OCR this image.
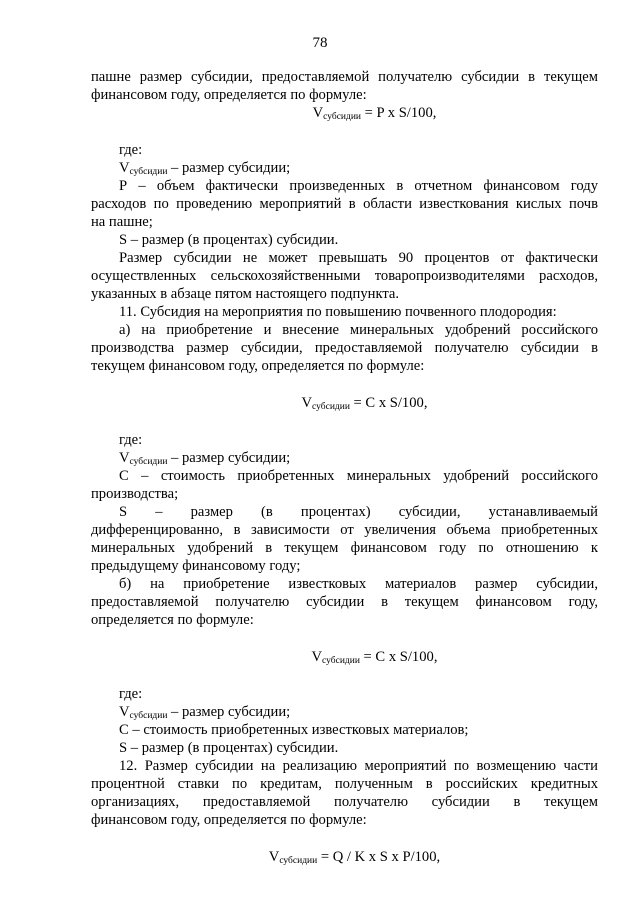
78
пашне размер субсидии, предоставляемой получателю субсидии в текущем
финансовом году, определяется по формуле:
$V_{субсидии} = P$ x S/100,
где:
$V_{субсидии}$ – размер субсидии;
Р – объем фактически произведенных в отчетном финансовом году
расходов по проведению мероприятий в области известкования кислых почв
на пашне;
S – размер (в процентах) субсидии.
Размер субсидии не может превышать 90 процентов от фактически
осуществленных сельскохозяйственными товаропроизводителями расходов,
указанных в абзаце пятом настоящего подпункта.
11. Субсидия на мероприятия по повышению почвенного плодородия:
а) на приобретение и внесение минеральных удобрений российского
производства размер субсидии, предоставляемой получателю субсидии в
текущем финансовом году, определяется по формуле:
$V_{субсидии} = C$ x S/100,
где:
$V_{субсидии}$ – размер субсидии;
С – стоимость приобретенных минеральных удобрений российского
производства;
S – размер (в процентах) субсидии, устанавливаемый
дифференцированно, в зависимости от увеличения объема приобретенных
минеральных удобрений в текущем финансовом году по отношению к
предыдущему финансовому году;
б) на приобретение известковых материалов размер субсидии,
предоставляемой получателю субсидии в текущем финансовом году,
определяется по формуле:
$V_{субсидии} = C$ x S/100,
где:
$V_{субсидии}$ – размер субсидии;
С – стоимость приобретенных известковых материалов;
S – размер (в процентах) субсидии.
12. Размер субсидии на реализацию мероприятий по возмещению части
процентной ставки по кредитам, полученным в российских кредитных
организациях, предоставляемой получателю субсидии в текущем
финансовом году, определяется по формуле:
$V_{субсидии} = Q / K$ x S x P/100,
